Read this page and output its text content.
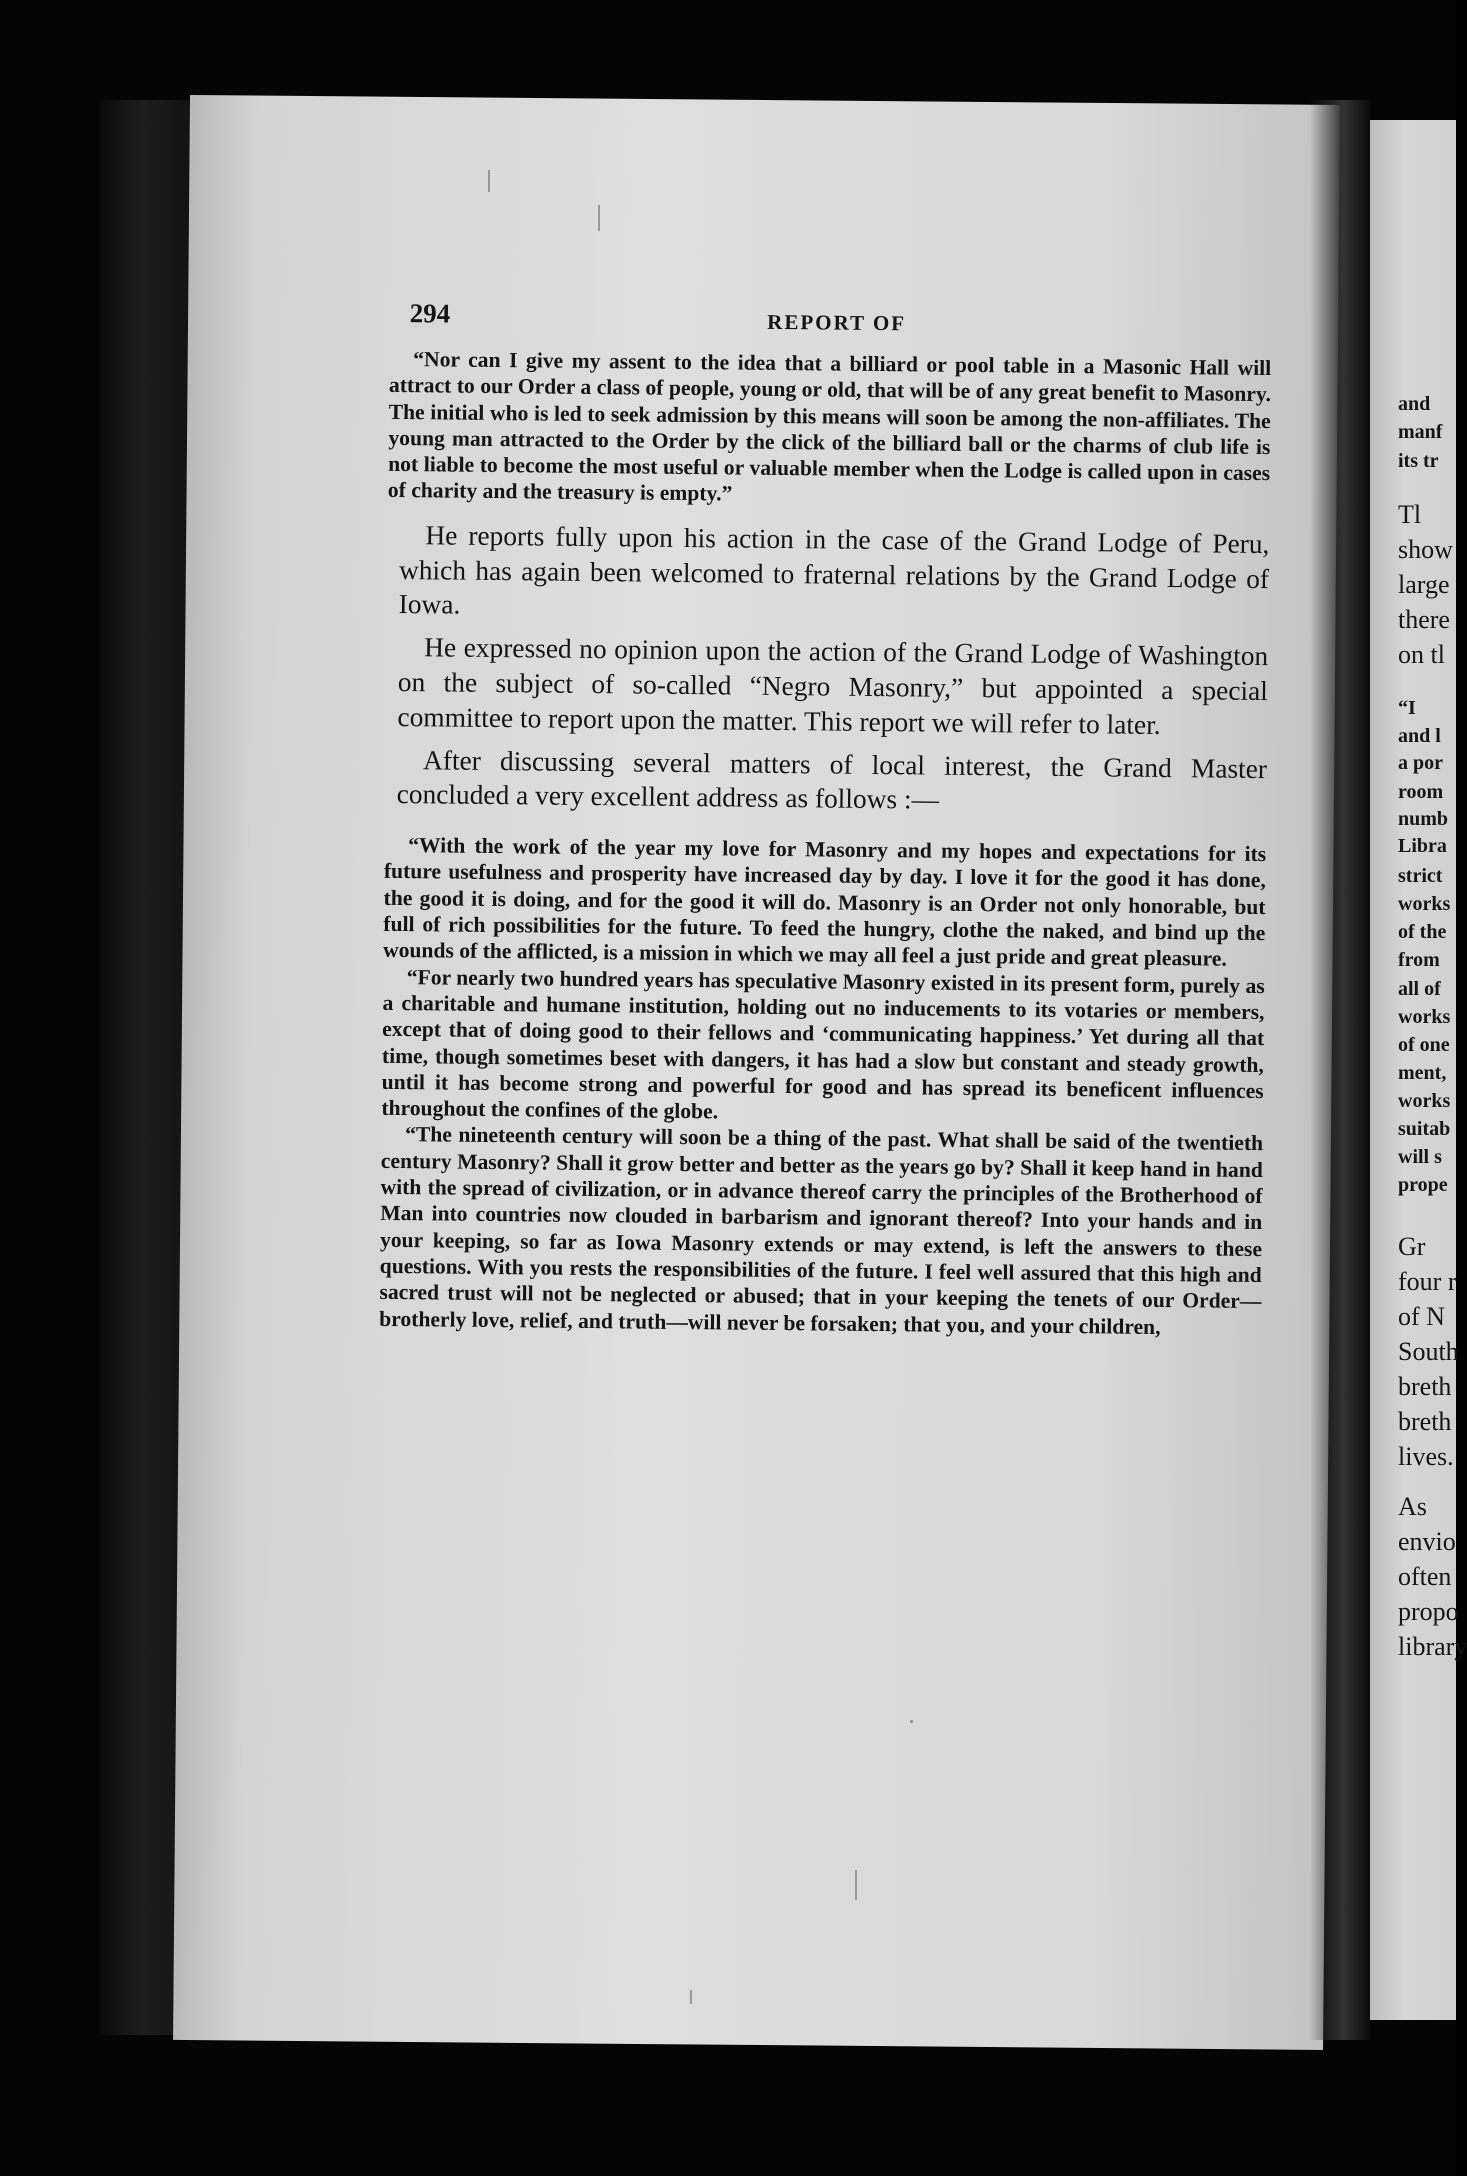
and
manf
its tr
Tl
show
large
there
on tl
“I
and l
a por
room
numb
Libra
strict
works
of the
from
all of
works
of one
ment,
works
suitab
will s
prope
Gr
four r
of N
South
breth
breth
lives.
As
envio
often
propo
library
294	REPORT OF

“Nor can I give my assent to the idea that a billiard or pool table in a Masonic Hall will attract to our Order a class of people, young or old, that will be of any great benefit to Masonry. The initial who is led to seek admission by this means will soon be among the non-affiliates. The young man attracted to the Order by the click of the billiard ball or the charms of club life is not liable to become the most useful or valuable member when the Lodge is called upon in cases of charity and the treasury is empty.”

He reports fully upon his action in the case of the Grand Lodge of Peru, which has again been welcomed to fraternal relations by the Grand Lodge of Iowa.

He expressed no opinion upon the action of the Grand Lodge of Washington on the subject of so-called “Negro Masonry,” but appointed a special committee to report upon the matter. This report we will refer to later.

After discussing several matters of local interest, the Grand Master concluded a very excellent address as follows :—

“With the work of the year my love for Masonry and my hopes and expectations for its future usefulness and prosperity have increased day by day. I love it for the good it has done, the good it is doing, and for the good it will do. Masonry is an Order not only honorable, but full of rich possibilities for the future. To feed the hungry, clothe the naked, and bind up the wounds of the afflicted, is a mission in which we may all feel a just pride and great pleasure.

“For nearly two hundred years has speculative Masonry existed in its present form, purely as a charitable and humane institution, holding out no inducements to its votaries or members, except that of doing good to their fellows and ‘communicating happiness.’ Yet during all that time, though sometimes beset with dangers, it has had a slow but constant and steady growth, until it has become strong and powerful for good and has spread its beneficent influences throughout the confines of the globe.

“The nineteenth century will soon be a thing of the past. What shall be said of the twentieth century Masonry? Shall it grow better and better as the years go by? Shall it keep hand in hand with the spread of civilization, or in advance thereof carry the principles of the Brotherhood of Man into countries now clouded in barbarism and ignorant thereof? Into your hands and in your keeping, so far as Iowa Masonry extends or may extend, is left the answers to these questions. With you rests the responsibilities of the future. I feel well assured that this high and sacred trust will not be neglected or abused; that in your keeping the tenets of our Order—brotherly love, relief, and truth—will never be forsaken; that you, and your children,
